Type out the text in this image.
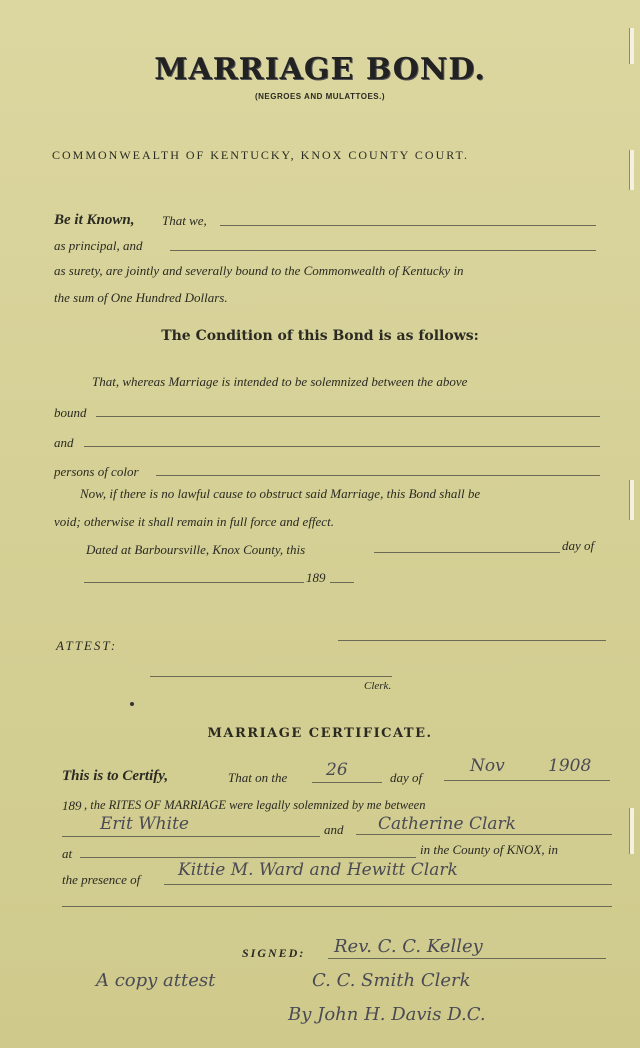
MARRIAGE BOND.
(NEGROES AND MULATTOES.)
COMMONWEALTH OF KENTUCKY, KNOX COUNTY COURT.
Be it Known, That we,
as principal, and
as surety, are jointly and severally bound to the Commonwealth of Kentucky in
the sum of One Hundred Dollars.
The Condition of this Bond is as follows:
That, whereas Marriage is intended to be solemnized between the above
bound
and
persons of color
Now, if there is no lawful cause to obstruct said Marriage, this Bond shall be
void; otherwise it shall remain in full force and effect.
Dated at Barboursville, Knox County, this	day of
189
ATTEST:
Clerk.
MARRIAGE CERTIFICATE.
This is to Certify,	That on the 26	day of
Nov	1908
189 , the RITES OF MARRIAGE were legally solemnized by me between
Erit White	and Catherine Clark
at	in the County of KNOX, in
the presence of Kittie M. Ward and Hewitt Clark
SIGNED: Rev. C. C. Kelley
A copy attest	C. C. Smith Clerk
By John H. Davis D.C.
